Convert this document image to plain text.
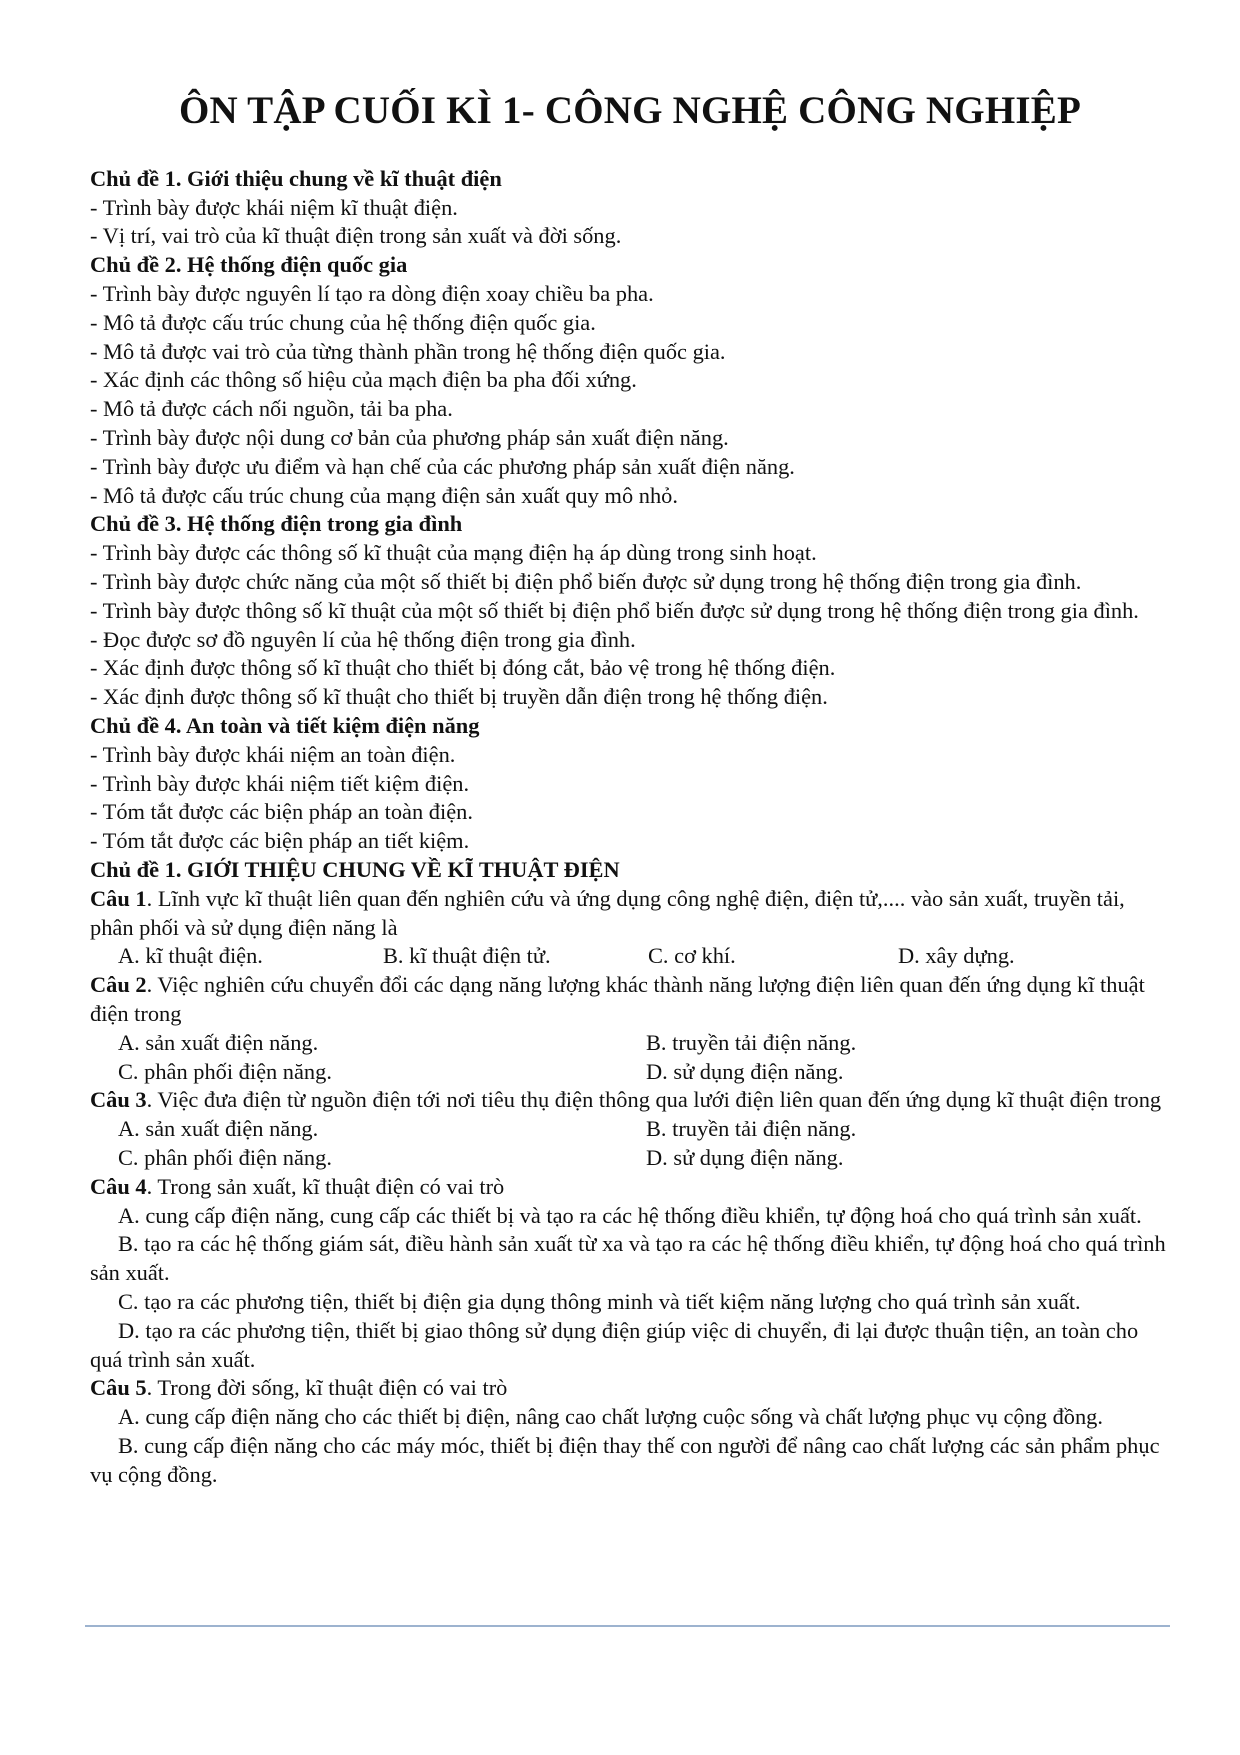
ÔN TẬP CUỐI KÌ 1- CÔNG NGHỆ CÔNG NGHIỆP

Chủ đề 1. Giới thiệu chung về kĩ thuật điện

- Trình bày được khái niệm kĩ thuật điện.

- Vị trí, vai trò của kĩ thuật điện trong sản xuất và đời sống.

Chủ đề 2. Hệ thống điện quốc gia

- Trình bày được nguyên lí tạo ra dòng điện xoay chiều ba pha.

- Mô tả được cấu trúc chung của hệ thống điện quốc gia.

- Mô tả được vai trò của từng thành phần trong hệ thống điện quốc gia.

- Xác định các thông số hiệu của mạch điện ba pha đối xứng.

- Mô tả được cách nối nguồn, tải ba pha.

- Trình bày được nội dung cơ bản của phương pháp sản xuất điện năng.

- Trình bày được ưu điểm và hạn chế của các phương pháp sản xuất điện năng.

- Mô tả được cấu trúc chung của mạng điện sản xuất quy mô nhỏ.

Chủ đề 3. Hệ thống điện trong gia đình

- Trình bày được các thông số kĩ thuật của mạng điện hạ áp dùng trong sinh hoạt.

- Trình bày được chức năng của một số thiết bị điện phổ biến được sử dụng trong hệ thống điện trong gia đình.

- Trình bày được thông số kĩ thuật của một số thiết bị điện phổ biến được sử dụng trong hệ thống điện trong gia đình.

- Đọc được sơ đồ nguyên lí của hệ thống điện trong gia đình.

- Xác định được thông số kĩ thuật cho thiết bị đóng cắt, bảo vệ trong hệ thống điện.

- Xác định được thông số kĩ thuật cho thiết bị truyền dẫn điện trong hệ thống điện.

Chủ đề 4. An toàn và tiết kiệm điện năng

- Trình bày được khái niệm an toàn điện.

- Trình bày được khái niệm tiết kiệm điện.

- Tóm tắt được các biện pháp an toàn điện.

- Tóm tắt được các biện pháp an tiết kiệm.

Chủ đề 1. GIỚI THIỆU CHUNG VỀ KĨ THUẬT ĐIỆN

Câu 1. Lĩnh vực kĩ thuật liên quan đến nghiên cứu và ứng dụng công nghệ điện, điện tử,.... vào sản xuất, truyền tải, phân phối và sử dụng điện năng là

A. kĩ thuật điện.	B. kĩ thuật điện tử.	C. cơ khí.	D. xây dựng.

Câu 2. Việc nghiên cứu chuyển đổi các dạng năng lượng khác thành năng lượng điện liên quan đến ứng dụng kĩ thuật điện trong

A. sản xuất điện năng.	B. truyền tải điện năng.
C. phân phối điện năng.	D. sử dụng điện năng.

Câu 3. Việc đưa điện từ nguồn điện tới nơi tiêu thụ điện thông qua lưới điện liên quan đến ứng dụng kĩ thuật điện trong

A. sản xuất điện năng.	B. truyền tải điện năng.
C. phân phối điện năng.	D. sử dụng điện năng.

Câu 4. Trong sản xuất, kĩ thuật điện có vai trò

A. cung cấp điện năng, cung cấp các thiết bị và tạo ra các hệ thống điều khiển, tự động hoá cho quá trình sản xuất.

B. tạo ra các hệ thống giám sát, điều hành sản xuất từ xa và tạo ra các hệ thống điều khiển, tự động hoá cho quá trình sản xuất.

C. tạo ra các phương tiện, thiết bị điện gia dụng thông minh và tiết kiệm năng lượng cho quá trình sản xuất.

D. tạo ra các phương tiện, thiết bị giao thông sử dụng điện giúp việc di chuyển, đi lại được thuận tiện, an toàn cho quá trình sản xuất.

Câu 5. Trong đời sống, kĩ thuật điện có vai trò

A. cung cấp điện năng cho các thiết bị điện, nâng cao chất lượng cuộc sống và chất lượng phục vụ cộng đồng.

B. cung cấp điện năng cho các máy móc, thiết bị điện thay thế con người để nâng cao chất lượng các sản phẩm phục vụ cộng đồng.
